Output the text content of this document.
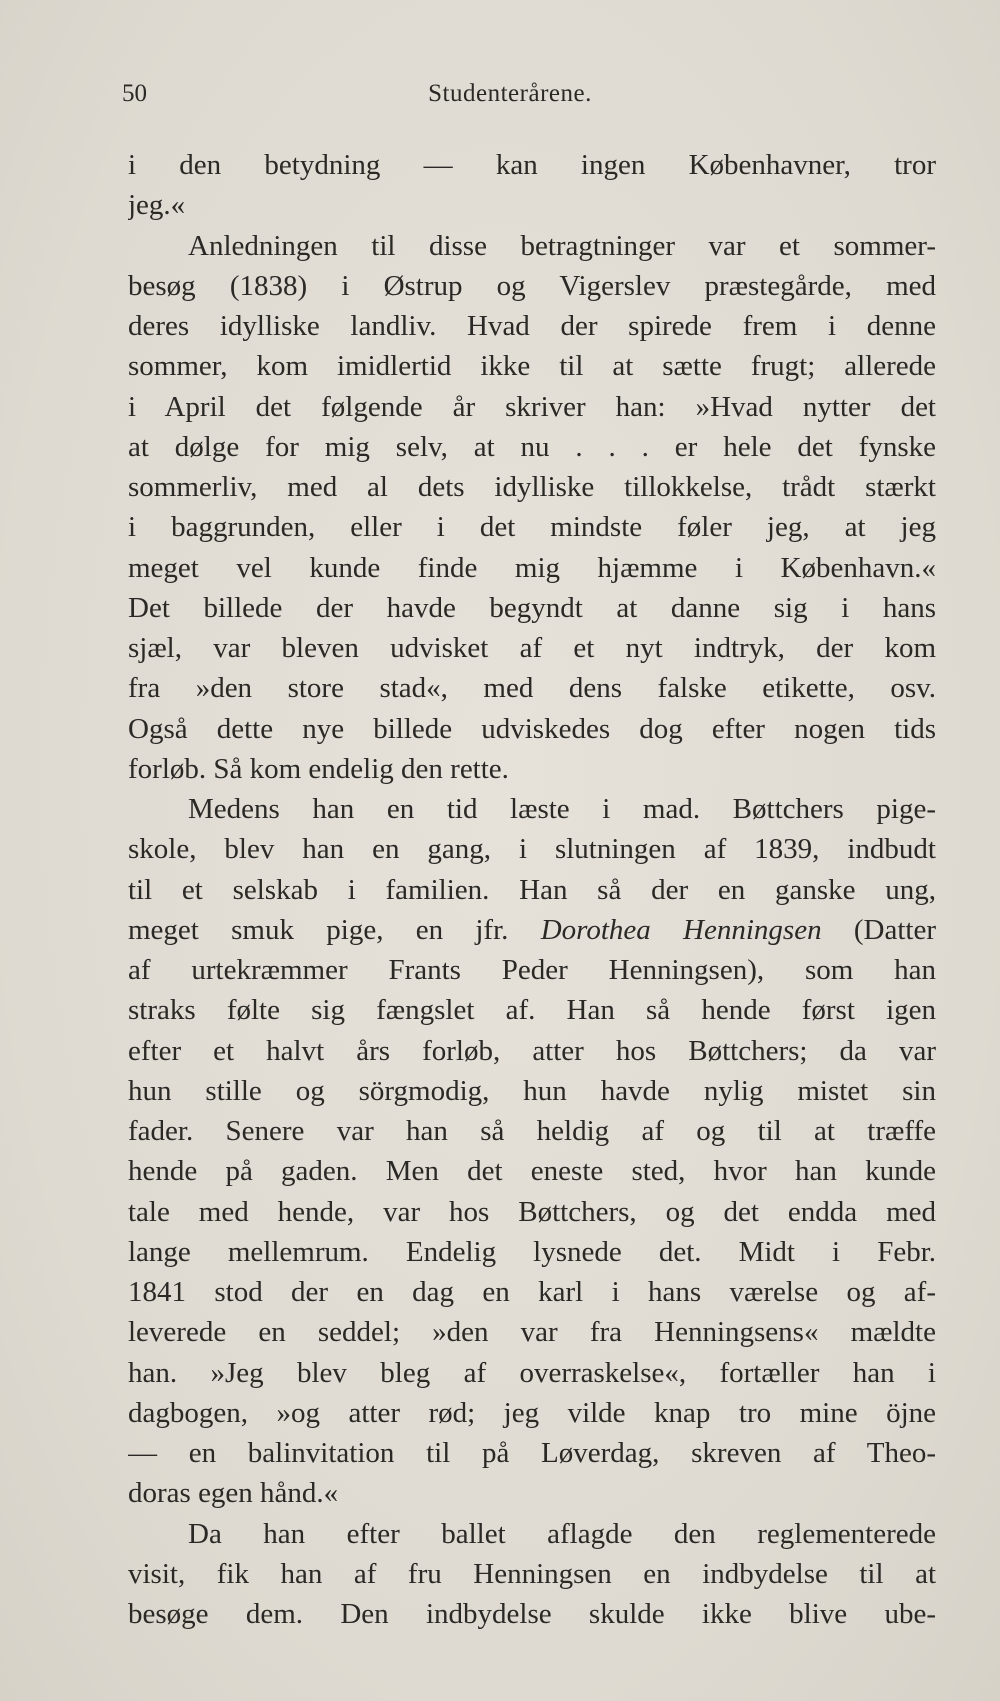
50	Studenterårene.
i den betydning — kan ingen Københavner, tror
jeg.«
Anledningen til disse betragtninger var et sommer-
besøg (1838) i Østrup og Vigerslev præstegårde, med
deres idylliske landliv. Hvad der spirede frem i denne
sommer, kom imidlertid ikke til at sætte frugt; allerede
i April det følgende år skriver han: »Hvad nytter det
at dølge for mig selv, at nu . . . er hele det fynske
sommerliv, med al dets idylliske tillokkelse, trådt stærkt
i baggrunden, eller i det mindste føler jeg, at jeg
meget vel kunde finde mig hjæmme i København.«
Det billede der havde begyndt at danne sig i hans
sjæl, var bleven udvisket af et nyt indtryk, der kom
fra »den store stad«, med dens falske etikette, osv.
Også dette nye billede udviskedes dog efter nogen tids
forløb. Så kom endelig den rette.
Medens han en tid læste i mad. Bøttchers pige-
skole, blev han en gang, i slutningen af 1839, indbudt
til et selskab i familien. Han så der en ganske ung,
meget smuk pige, en jfr. Dorothea Henningsen (Datter
af urtekræmmer Frants Peder Henningsen), som han
straks følte sig fængslet af. Han så hende først igen
efter et halvt års forløb, atter hos Bøttchers; da var
hun stille og sörgmodig, hun havde nylig mistet sin
fader. Senere var han så heldig af og til at træffe
hende på gaden. Men det eneste sted, hvor han kunde
tale med hende, var hos Bøttchers, og det endda med
lange mellemrum. Endelig lysnede det. Midt i Febr.
1841 stod der en dag en karl i hans værelse og af-
leverede en seddel; »den var fra Henningsens« mældte
han. »Jeg blev bleg af overraskelse«, fortæller han i
dagbogen, »og atter rød; jeg vilde knap tro mine öjne
— en balinvitation til på Løverdag, skreven af Theo-
doras egen hånd.«
Da han efter ballet aflagde den reglementerede
visit, fik han af fru Henningsen en indbydelse til at
besøge dem. Den indbydelse skulde ikke blive ube-
